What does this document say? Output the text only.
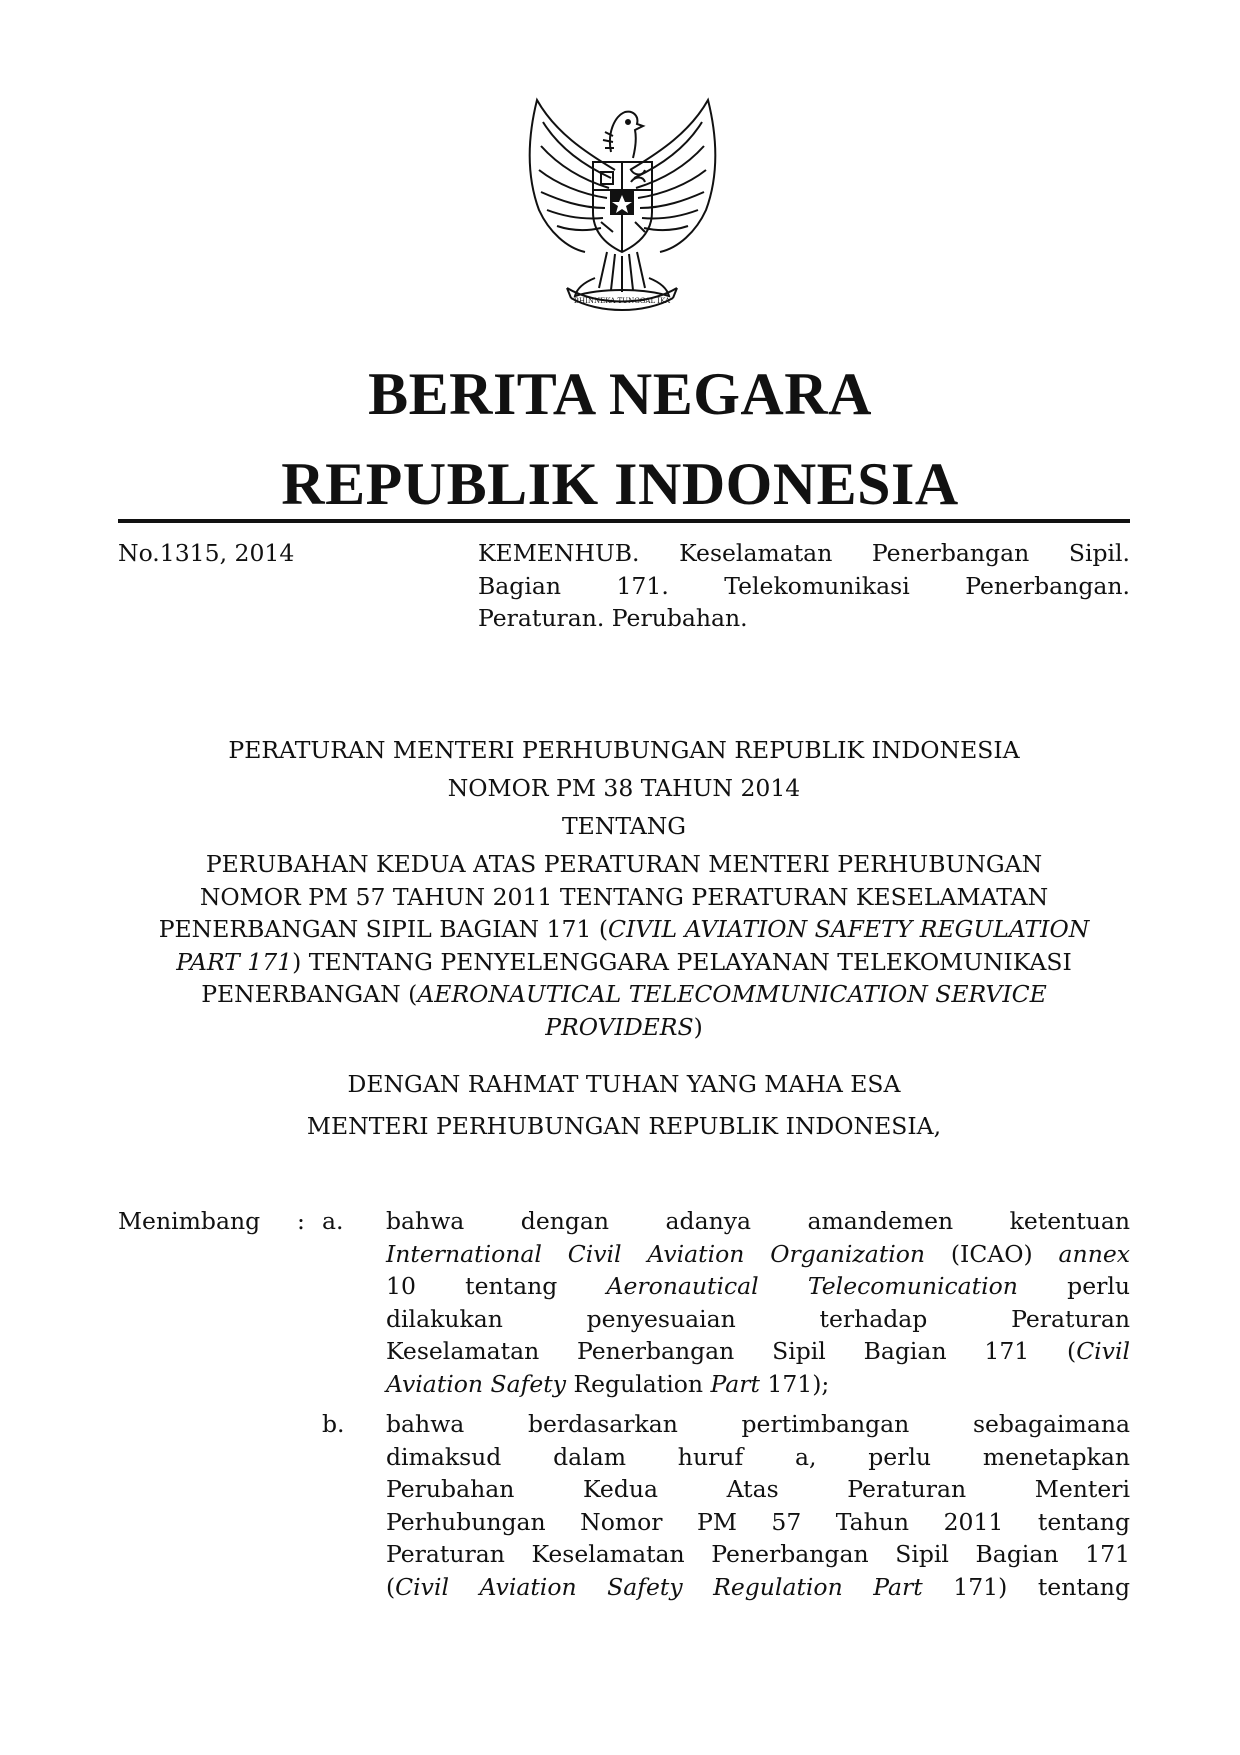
BHINNEKA TUNGGAL IKA
BERITA NEGARA
REPUBLIK INDONESIA
No.1315, 2014	KEMENHUB. Keselamatan Penerbangan Sipil.
Bagian 171. Telekomunikasi Penerbangan.
Peraturan. Perubahan.
PERATURAN MENTERI PERHUBUNGAN REPUBLIK INDONESIA
NOMOR PM 38 TAHUN 2014
TENTANG
PERUBAHAN KEDUA ATAS PERATURAN MENTERI PERHUBUNGAN
NOMOR PM 57 TAHUN 2011 TENTANG PERATURAN KESELAMATAN
PENERBANGAN SIPIL BAGIAN 171 (CIVIL AVIATION SAFETY REGULATION
PART 171) TENTANG PENYELENGGARA PELAYANAN TELEKOMUNIKASI
PENERBANGAN (AERONAUTICAL TELECOMMUNICATION SERVICE
PROVIDERS)
DENGAN RAHMAT TUHAN YANG MAHA ESA
MENTERI PERHUBUNGAN REPUBLIK INDONESIA,
Menimbang : a. bahwa dengan adanya amandemen ketentuan
International Civil Aviation Organization (ICAO) annex
10 tentang Aeronautical Telecomunication perlu
dilakukan penyesuaian terhadap Peraturan
Keselamatan Penerbangan Sipil Bagian 171 (Civil
Aviation Safety Regulation Part 171);
b. bahwa berdasarkan pertimbangan sebagaimana
dimaksud dalam huruf a, perlu menetapkan
Perubahan Kedua Atas Peraturan Menteri
Perhubungan Nomor PM 57 Tahun 2011 tentang
Peraturan Keselamatan Penerbangan Sipil Bagian 171
(Civil Aviation Safety Regulation Part 171) tentang
